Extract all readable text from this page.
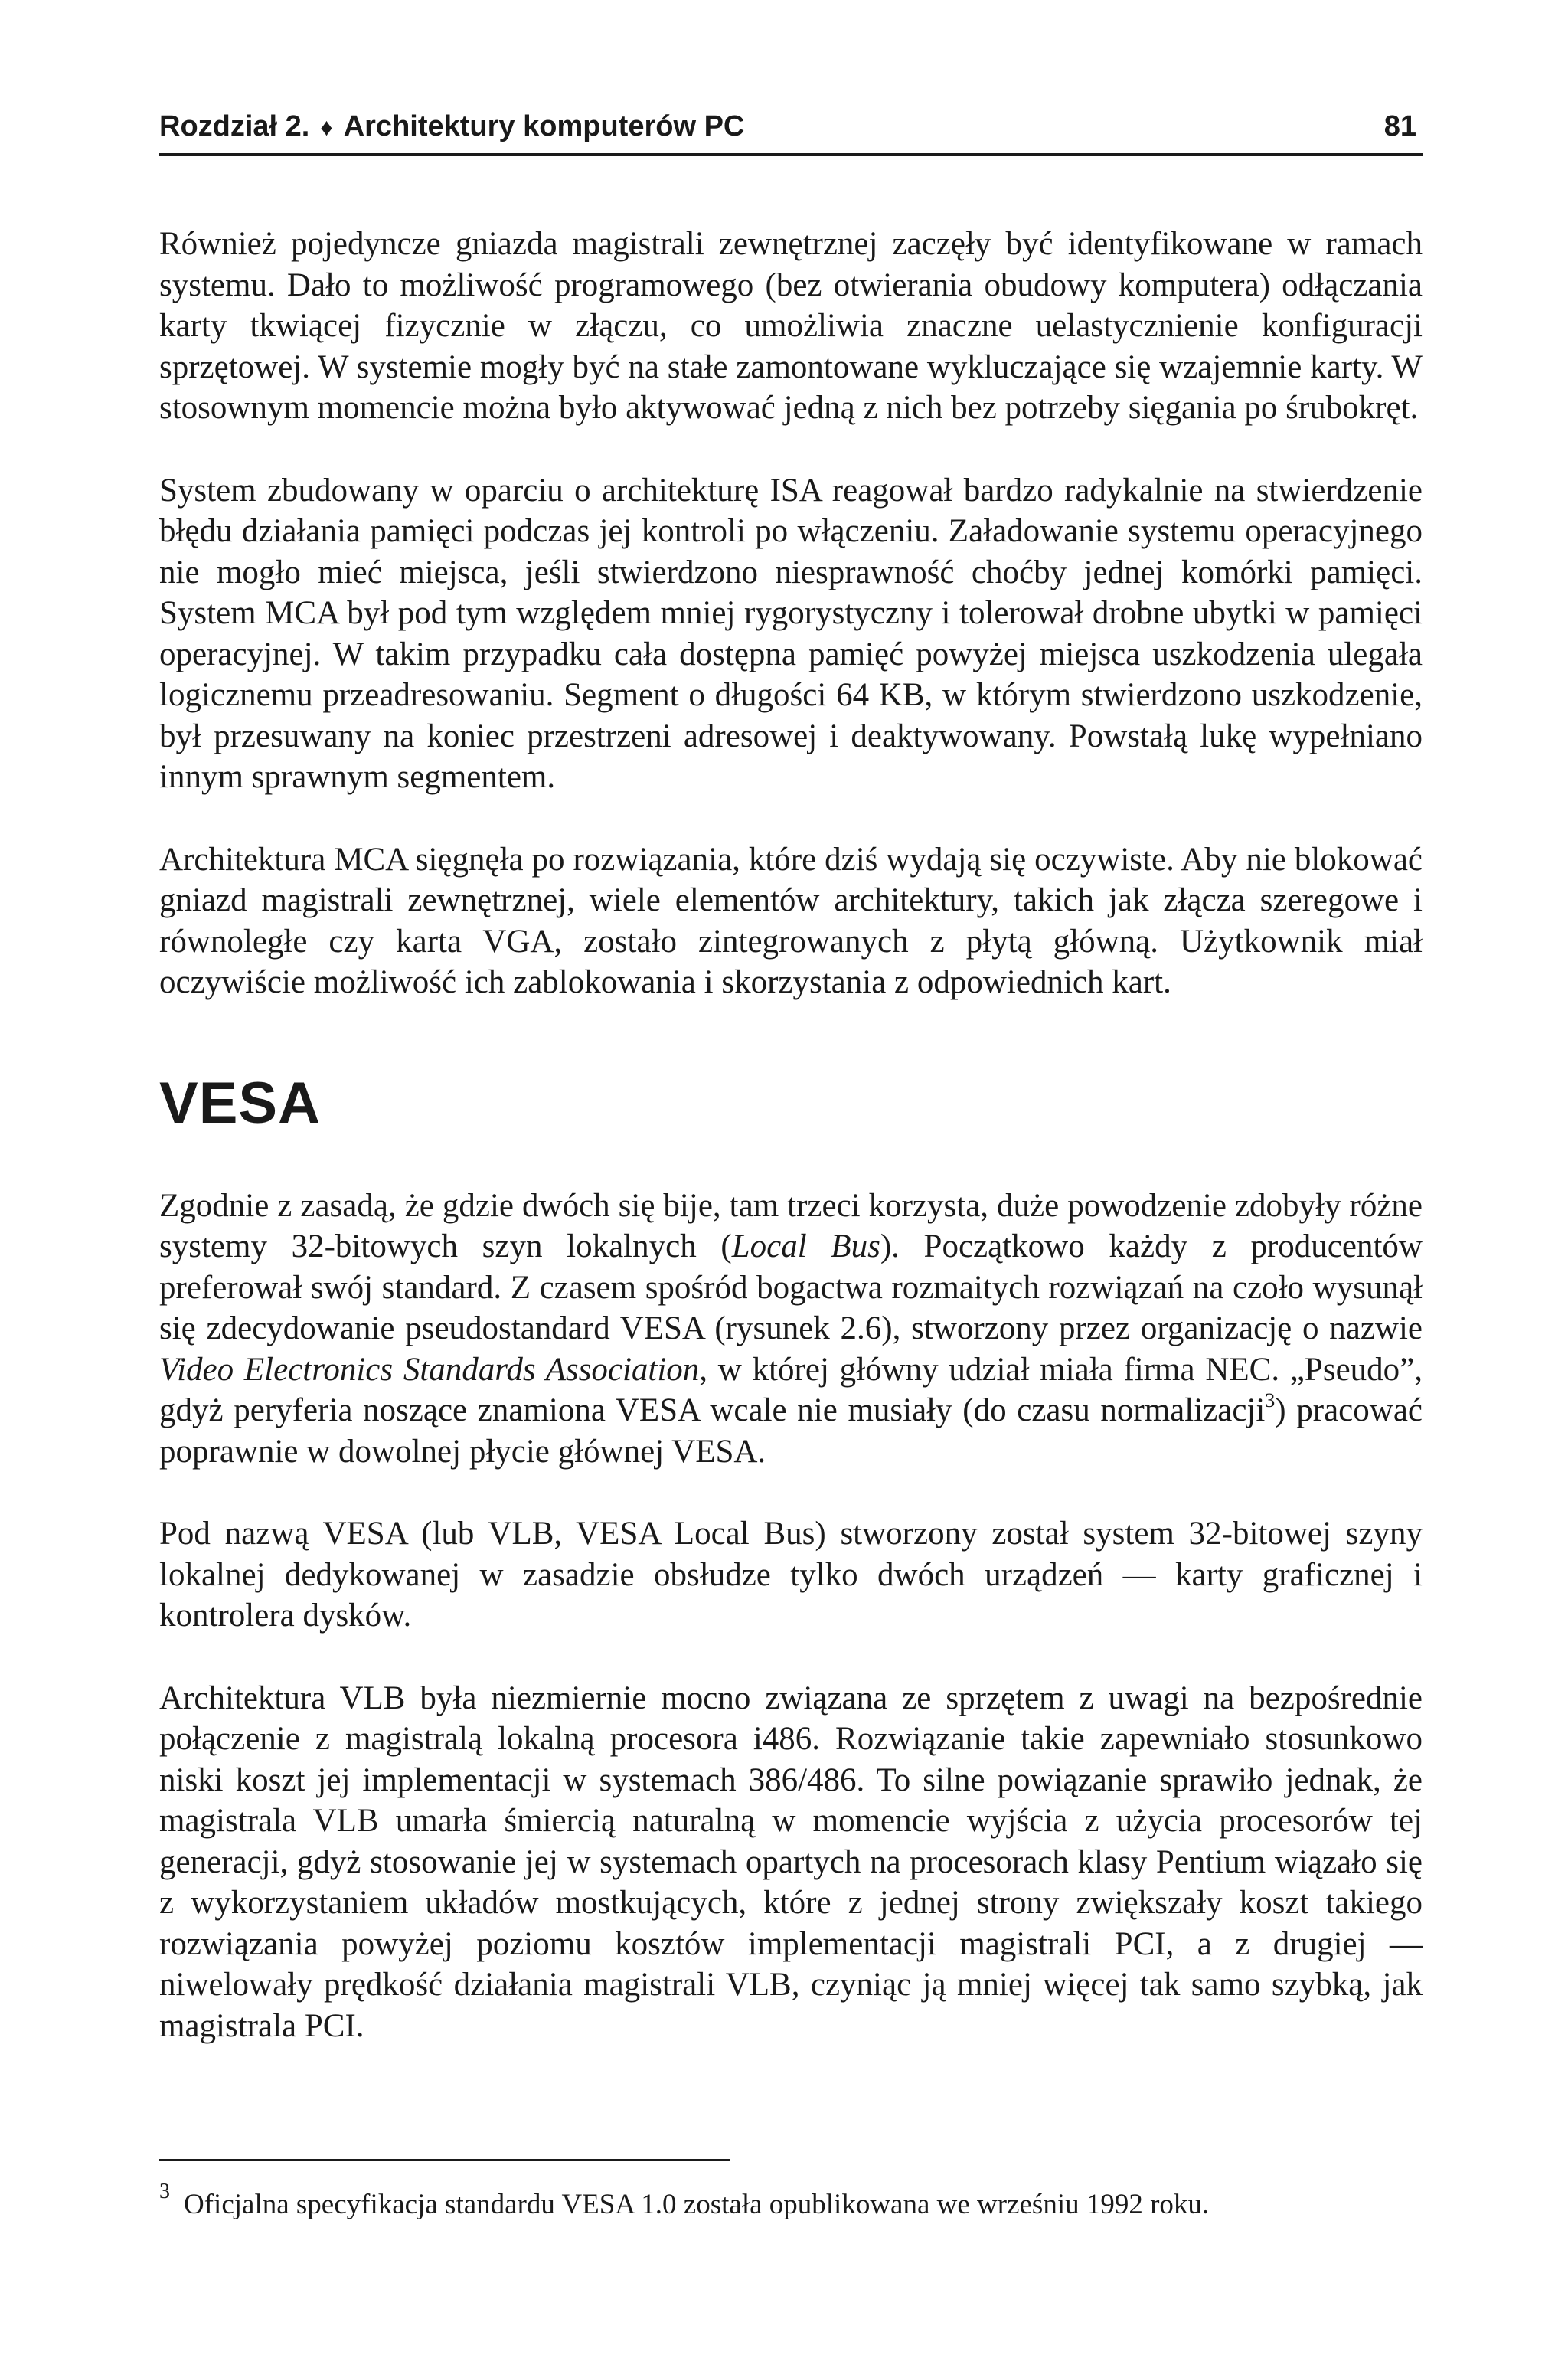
Rozdział 2. ♦ Architektury komputerów PC	81

Również pojedyncze gniazda magistrali zewnętrznej zaczęły być identyfikowane w ramach systemu. Dało to możliwość programowego (bez otwierania obudowy komputera) odłączania karty tkwiącej fizycznie w złączu, co umożliwia znaczne uelastycznienie konfiguracji sprzętowej. W systemie mogły być na stałe zamontowane wykluczające się wzajemnie karty. W stosownym momencie można było aktywować jedną z nich bez potrzeby sięgania po śrubokręt.

System zbudowany w oparciu o architekturę ISA reagował bardzo radykalnie na stwierdzenie błędu działania pamięci podczas jej kontroli po włączeniu. Załadowanie systemu operacyjnego nie mogło mieć miejsca, jeśli stwierdzono niesprawność choćby jednej komórki pamięci. System MCA był pod tym względem mniej rygorystyczny i tolerował drobne ubytki w pamięci operacyjnej. W takim przypadku cała dostępna pamięć powyżej miejsca uszkodzenia ulegała logicznemu przeadresowaniu. Segment o długości 64 KB, w którym stwierdzono uszkodzenie, był przesuwany na koniec przestrzeni adresowej i deaktywowany. Powstałą lukę wypełniano innym sprawnym segmentem.

Architektura MCA sięgnęła po rozwiązania, które dziś wydają się oczywiste. Aby nie blokować gniazd magistrali zewnętrznej, wiele elementów architektury, takich jak złącza szeregowe i równoległe czy karta VGA, zostało zintegrowanych z płytą główną. Użytkownik miał oczywiście możliwość ich zablokowania i skorzystania z odpowiednich kart.

VESA

Zgodnie z zasadą, że gdzie dwóch się bije, tam trzeci korzysta, duże powodzenie zdobyły różne systemy 32-bitowych szyn lokalnych (Local Bus). Początkowo każdy z producentów preferował swój standard. Z czasem spośród bogactwa rozmaitych rozwiązań na czoło wysunął się zdecydowanie pseudostandard VESA (rysunek 2.6), stworzony przez organizację o nazwie Video Electronics Standards Association, w której główny udział miała firma NEC. „Pseudo”, gdyż peryferia noszące znamiona VESA wcale nie musiały (do czasu normalizacji$^3$) pracować poprawnie w dowolnej płycie głównej VESA.

Pod nazwą VESA (lub VLB, VESA Local Bus) stworzony został system 32-bitowej szyny lokalnej dedykowanej w zasadzie obsłudze tylko dwóch urządzeń — karty graficznej i kontrolera dysków.

Architektura VLB była niezmiernie mocno związana ze sprzętem z uwagi na bezpośrednie połączenie z magistralą lokalną procesora i486. Rozwiązanie takie zapewniało stosunkowo niski koszt jej implementacji w systemach 386/486. To silne powiązanie sprawiło jednak, że magistrala VLB umarła śmiercią naturalną w momencie wyjścia z użycia procesorów tej generacji, gdyż stosowanie jej w systemach opartych na procesorach klasy Pentium wiązało się z wykorzystaniem układów mostkujących, które z jednej strony zwiększały koszt takiego rozwiązania powyżej poziomu kosztów implementacji magistrali PCI, a z drugiej — niwelowały prędkość działania magistrali VLB, czyniąc ją mniej więcej tak samo szybką, jak magistrala PCI.

3 Oficjalna specyfikacja standardu VESA 1.0 została opublikowana we wrześniu 1992 roku.
